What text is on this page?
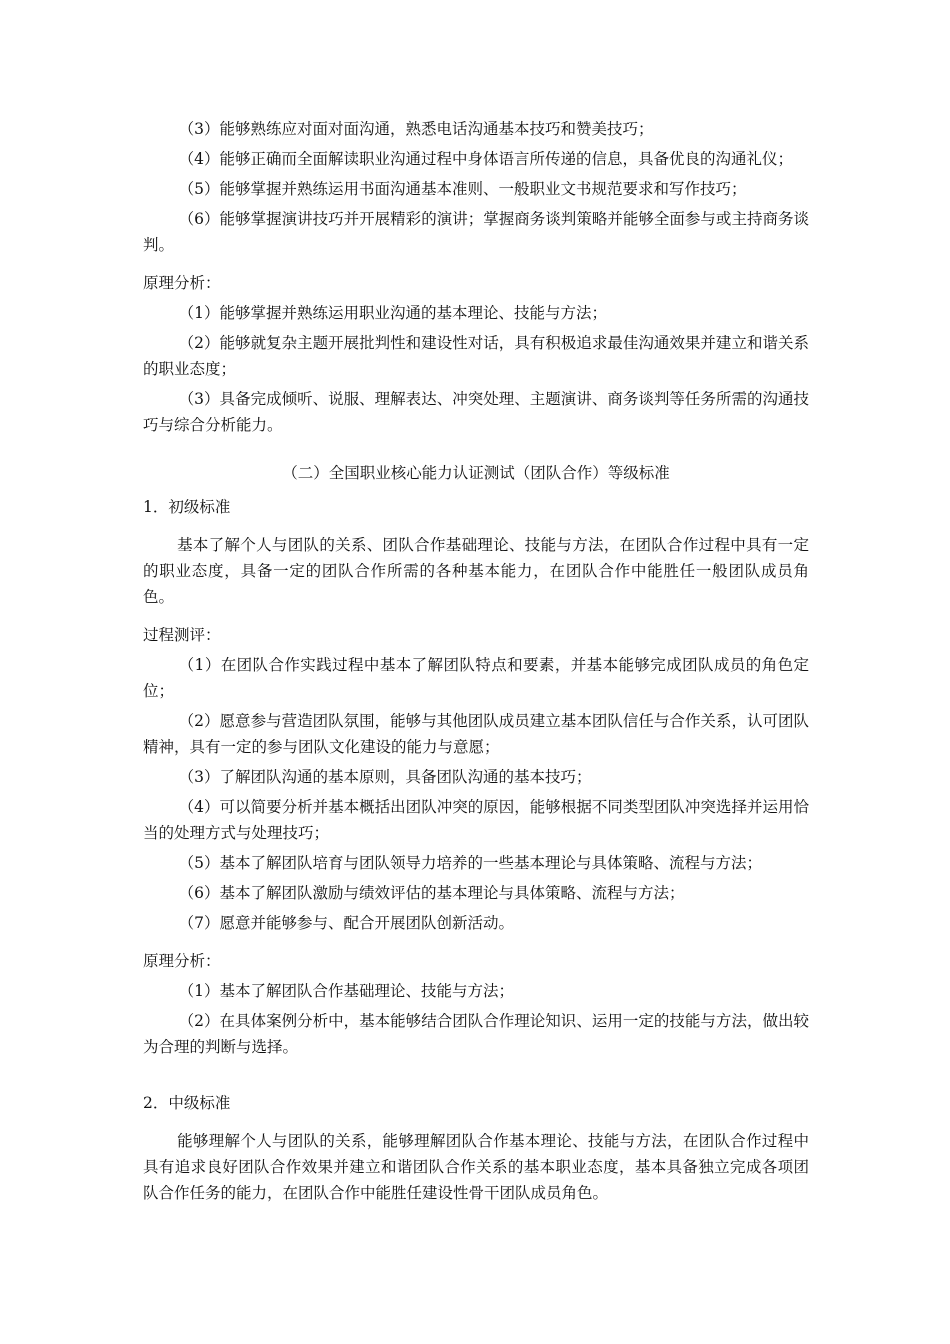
（3）能够熟练应对面对面沟通，熟悉电话沟通基本技巧和赞美技巧；

（4）能够正确而全面解读职业沟通过程中身体语言所传递的信息，具备优良的沟通礼仪；

（5）能够掌握并熟练运用书面沟通基本准则、一般职业文书规范要求和写作技巧；

（6）能够掌握演讲技巧并开展精彩的演讲；掌握商务谈判策略并能够全面参与或主持商务谈判。

原理分析：

（1）能够掌握并熟练运用职业沟通的基本理论、技能与方法；

（2）能够就复杂主题开展批判性和建设性对话，具有积极追求最佳沟通效果并建立和谐关系的职业态度；

（3）具备完成倾听、说服、理解表达、冲突处理、主题演讲、商务谈判等任务所需的沟通技巧与综合分析能力。

（二）全国职业核心能力认证测试（团队合作）等级标准

1．初级标准

基本了解个人与团队的关系、团队合作基础理论、技能与方法，在团队合作过程中具有一定的职业态度，具备一定的团队合作所需的各种基本能力，在团队合作中能胜任一般团队成员角色。

过程测评：

（1）在团队合作实践过程中基本了解团队特点和要素，并基本能够完成团队成员的角色定位；

（2）愿意参与营造团队氛围，能够与其他团队成员建立基本团队信任与合作关系，认可团队精神，具有一定的参与团队文化建设的能力与意愿；

（3）了解团队沟通的基本原则，具备团队沟通的基本技巧；

（4）可以简要分析并基本概括出团队冲突的原因，能够根据不同类型团队冲突选择并运用恰当的处理方式与处理技巧；

（5）基本了解团队培育与团队领导力培养的一些基本理论与具体策略、流程与方法；

（6）基本了解团队激励与绩效评估的基本理论与具体策略、流程与方法；

（7）愿意并能够参与、配合开展团队创新活动。

原理分析：

（1）基本了解团队合作基础理论、技能与方法；

（2）在具体案例分析中，基本能够结合团队合作理论知识、运用一定的技能与方法，做出较为合理的判断与选择。

2．中级标准

能够理解个人与团队的关系，能够理解团队合作基本理论、技能与方法，在团队合作过程中具有追求良好团队合作效果并建立和谐团队合作关系的基本职业态度，基本具备独立完成各项团队合作任务的能力，在团队合作中能胜任建设性骨干团队成员角色。
